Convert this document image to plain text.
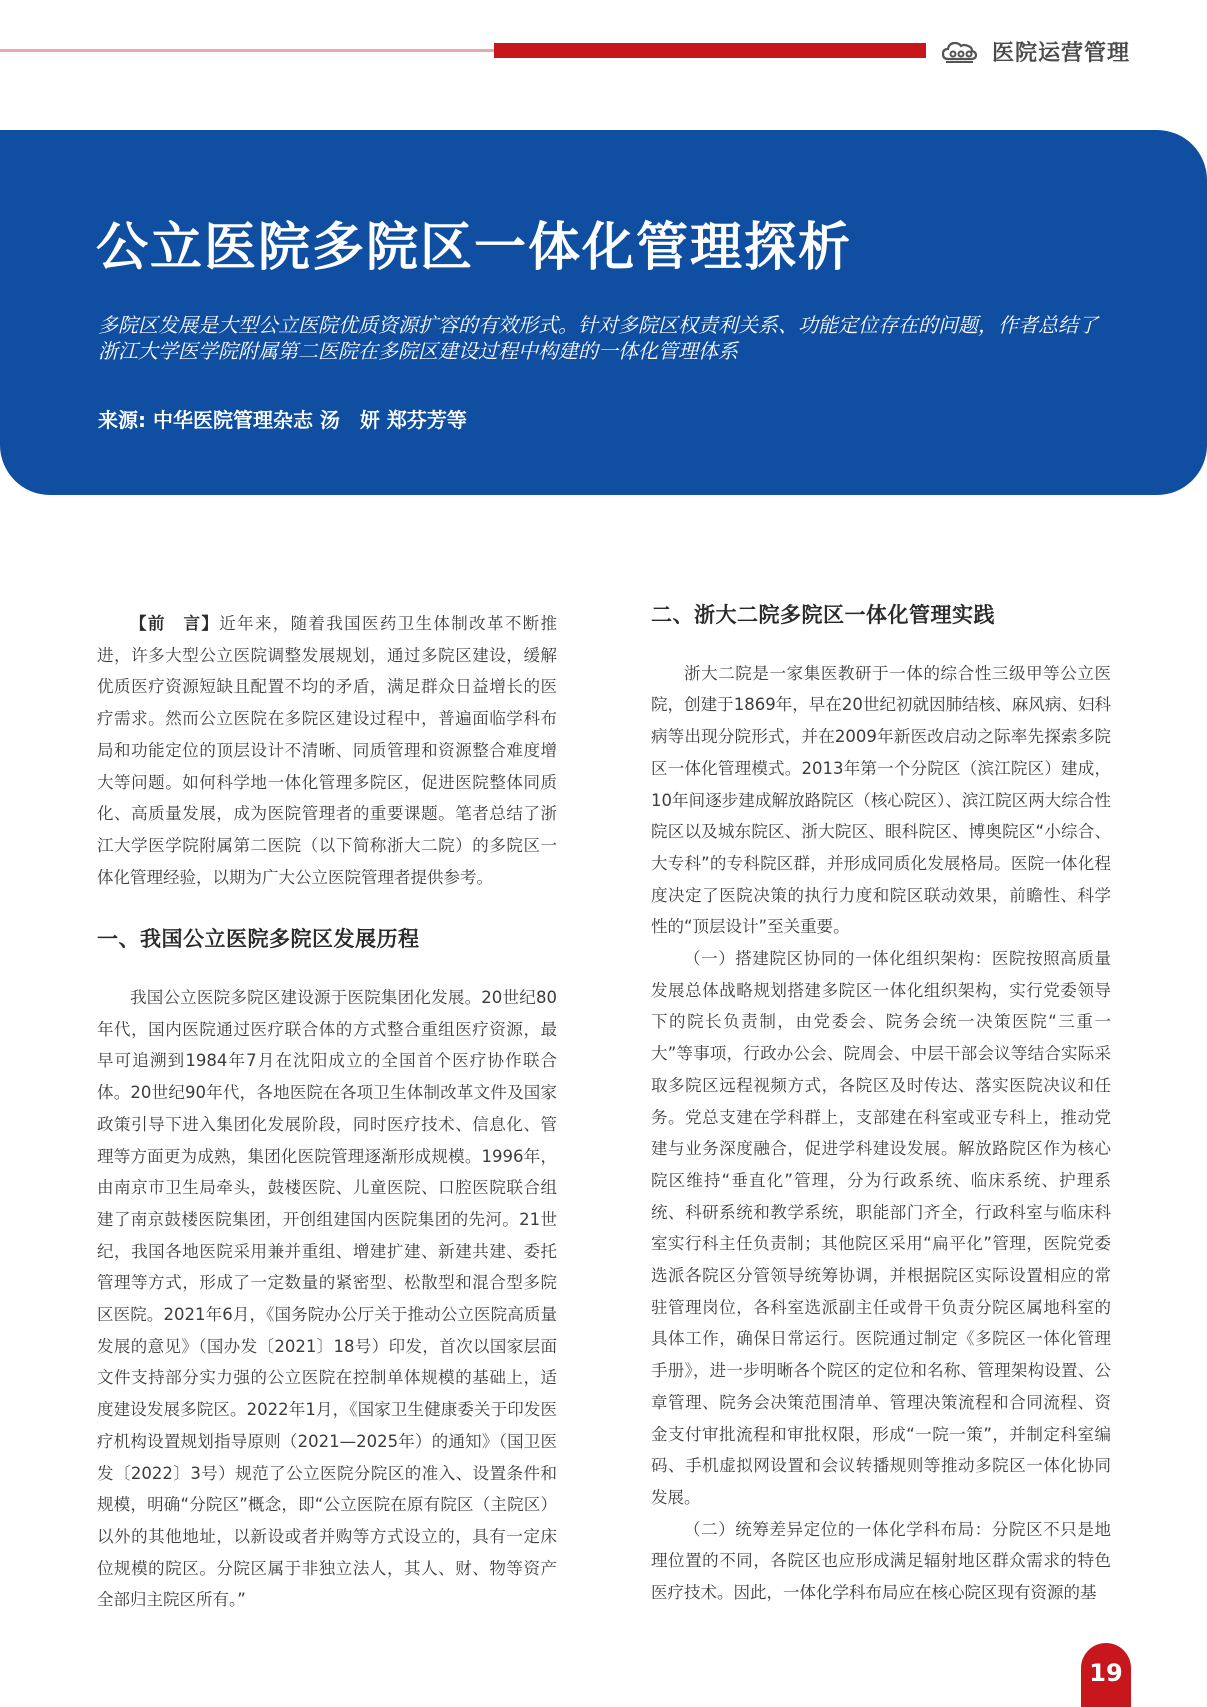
医院运营管理
公立医院多院区一体化管理探析
多院区发展是大型公立医院优质资源扩容的有效形式。针对多院区权责利关系、功能定位存在的问题，作者总结了浙江大学医学院附属第二医院在多院区建设过程中构建的一体化管理体系
来源: 中华医院管理杂志 汤　妍 郑芬芳等

【前　言】近年来，随着我国医药卫生体制改革不断推进，许多大型公立医院调整发展规划，通过多院区建设，缓解优质医疗资源短缺且配置不均的矛盾，满足群众日益增长的医疗需求。然而公立医院在多院区建设过程中，普遍面临学科布局和功能定位的顶层设计不清晰、同质管理和资源整合难度增大等问题。如何科学地一体化管理多院区，促进医院整体同质化、高质量发展，成为医院管理者的重要课题。笔者总结了浙江大学医学院附属第二医院（以下简称浙大二院）的多院区一体化管理经验，以期为广大公立医院管理者提供参考。

一、我国公立医院多院区发展历程

我国公立医院多院区建设源于医院集团化发展。20世纪80年代，国内医院通过医疗联合体的方式整合重组医疗资源，最早可追溯到1984年7月在沈阳成立的全国首个医疗协作联合体。20世纪90年代，各地医院在各项卫生体制改革文件及国家政策引导下进入集团化发展阶段，同时医疗技术、信息化、管理等方面更为成熟，集团化医院管理逐渐形成规模。1996年，由南京市卫生局牵头，鼓楼医院、儿童医院、口腔医院联合组建了南京鼓楼医院集团，开创组建国内医院集团的先河。21世纪，我国各地医院采用兼并重组、增建扩建、新建共建、委托管理等方式，形成了一定数量的紧密型、松散型和混合型多院区医院。2021年6月，《国务院办公厅关于推动公立医院高质量发展的意见》（国办发〔2021〕18号）印发，首次以国家层面文件支持部分实力强的公立医院在控制单体规模的基础上，适度建设发展多院区。2022年1月，《国家卫生健康委关于印发医疗机构设置规划指导原则（2021—2025年）的通知》（国卫医发〔2022〕3号）规范了公立医院分院区的准入、设置条件和规模，明确“分院区”概念，即“公立医院在原有院区（主院区）以外的其他地址，以新设或者并购等方式设立的，具有一定床位规模的院区。分院区属于非独立法人，其人、财、物等资产全部归主院区所有。”

二、浙大二院多院区一体化管理实践

浙大二院是一家集医教研于一体的综合性三级甲等公立医院，创建于1869年，早在20世纪初就因肺结核、麻风病、妇科病等出现分院形式，并在2009年新医改启动之际率先探索多院区一体化管理模式。2013年第一个分院区（滨江院区）建成，10年间逐步建成解放路院区（核心院区）、滨江院区两大综合性院区以及城东院区、浙大院区、眼科院区、博奥院区“小综合、大专科”的专科院区群，并形成同质化发展格局。医院一体化程度决定了医院决策的执行力度和院区联动效果，前瞻性、科学性的“顶层设计”至关重要。

（一）搭建院区协同的一体化组织架构：医院按照高质量发展总体战略规划搭建多院区一体化组织架构，实行党委领导下的院长负责制，由党委会、院务会统一决策医院“三重一大”等事项，行政办公会、院周会、中层干部会议等结合实际采取多院区远程视频方式，各院区及时传达、落实医院决议和任务。党总支建在学科群上，支部建在科室或亚专科上，推动党建与业务深度融合，促进学科建设发展。解放路院区作为核心院区维持“垂直化”管理，分为行政系统、临床系统、护理系统、科研系统和教学系统，职能部门齐全，行政科室与临床科室实行科主任负责制；其他院区采用“扁平化”管理，医院党委选派各院区分管领导统筹协调，并根据院区实际设置相应的常驻管理岗位，各科室选派副主任或骨干负责分院区属地科室的具体工作，确保日常运行。医院通过制定《多院区一体化管理手册》，进一步明晰各个院区的定位和名称、管理架构设置、公章管理、院务会决策范围清单、管理决策流程和合同流程、资金支付审批流程和审批权限，形成“一院一策”，并制定科室编码、手机虚拟网设置和会议转播规则等推动多院区一体化协同发展。

（二）统筹差异定位的一体化学科布局：分院区不只是地理位置的不同，各院区也应形成满足辐射地区群众需求的特色医疗技术。因此，一体化学科布局应在核心院区现有资源的基

19
